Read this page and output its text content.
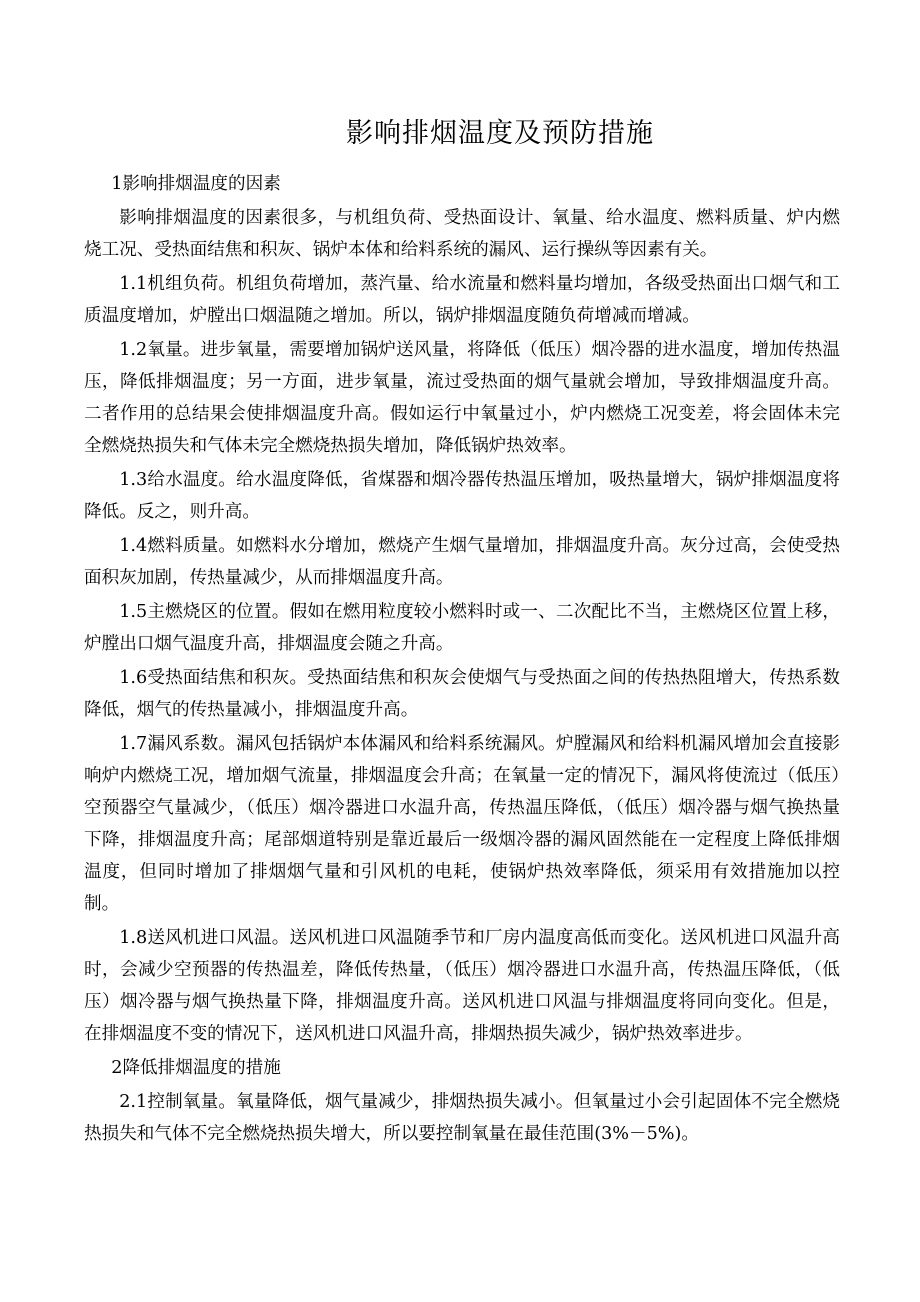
影响排烟温度及预防措施

1影响排烟温度的因素

影响排烟温度的因素很多，与机组负荷、受热面设计、氧量、给水温度、燃料质量、炉内燃烧工况、受热面结焦和积灰、锅炉本体和给料系统的漏风、运行操纵等因素有关。

1.1机组负荷。机组负荷增加，蒸汽量、给水流量和燃料量均增加，各级受热面出口烟气和工质温度增加，炉膛出口烟温随之增加。所以，锅炉排烟温度随负荷增减而增减。

1.2氧量。进步氧量，需要增加锅炉送风量，将降低（低压）烟冷器的进水温度，增加传热温压，降低排烟温度；另一方面，进步氧量，流过受热面的烟气量就会增加，导致排烟温度升高。二者作用的总结果会使排烟温度升高。假如运行中氧量过小，炉内燃烧工况变差，将会固体未完全燃烧热损失和气体未完全燃烧热损失增加，降低锅炉热效率。

1.3给水温度。给水温度降低，省煤器和烟冷器传热温压增加，吸热量增大，锅炉排烟温度将降低。反之，则升高。

1.4燃料质量。如燃料水分增加，燃烧产生烟气量增加，排烟温度升高。灰分过高，会使受热面积灰加剧，传热量减少，从而排烟温度升高。

1.5主燃烧区的位置。假如在燃用粒度较小燃料时或一、二次配比不当，主燃烧区位置上移，炉膛出口烟气温度升高，排烟温度会随之升高。

1.6受热面结焦和积灰。受热面结焦和积灰会使烟气与受热面之间的传热热阻增大，传热系数降低，烟气的传热量减小，排烟温度升高。

1.7漏风系数。漏风包括锅炉本体漏风和给料系统漏风。炉膛漏风和给料机漏风增加会直接影响炉内燃烧工况，增加烟气流量，排烟温度会升高；在氧量一定的情况下，漏风将使流过（低压）空预器空气量减少，（低压）烟冷器进口水温升高，传热温压降低，（低压）烟冷器与烟气换热量下降，排烟温度升高；尾部烟道特别是靠近最后一级烟冷器的漏风固然能在一定程度上降低排烟温度，但同时增加了排烟烟气量和引风机的电耗，使锅炉热效率降低，须采用有效措施加以控制。

1.8送风机进口风温。送风机进口风温随季节和厂房内温度高低而变化。送风机进口风温升高时，会减少空预器的传热温差，降低传热量，（低压）烟冷器进口水温升高，传热温压降低，（低压）烟冷器与烟气换热量下降，排烟温度升高。送风机进口风温与排烟温度将同向变化。但是，在排烟温度不变的情况下，送风机进口风温升高，排烟热损失减少，锅炉热效率进步。

2降低排烟温度的措施

2.1控制氧量。氧量降低，烟气量减少，排烟热损失减小。但氧量过小会引起固体不完全燃烧热损失和气体不完全燃烧热损失增大，所以要控制氧量在最佳范围(3%－5%)。
